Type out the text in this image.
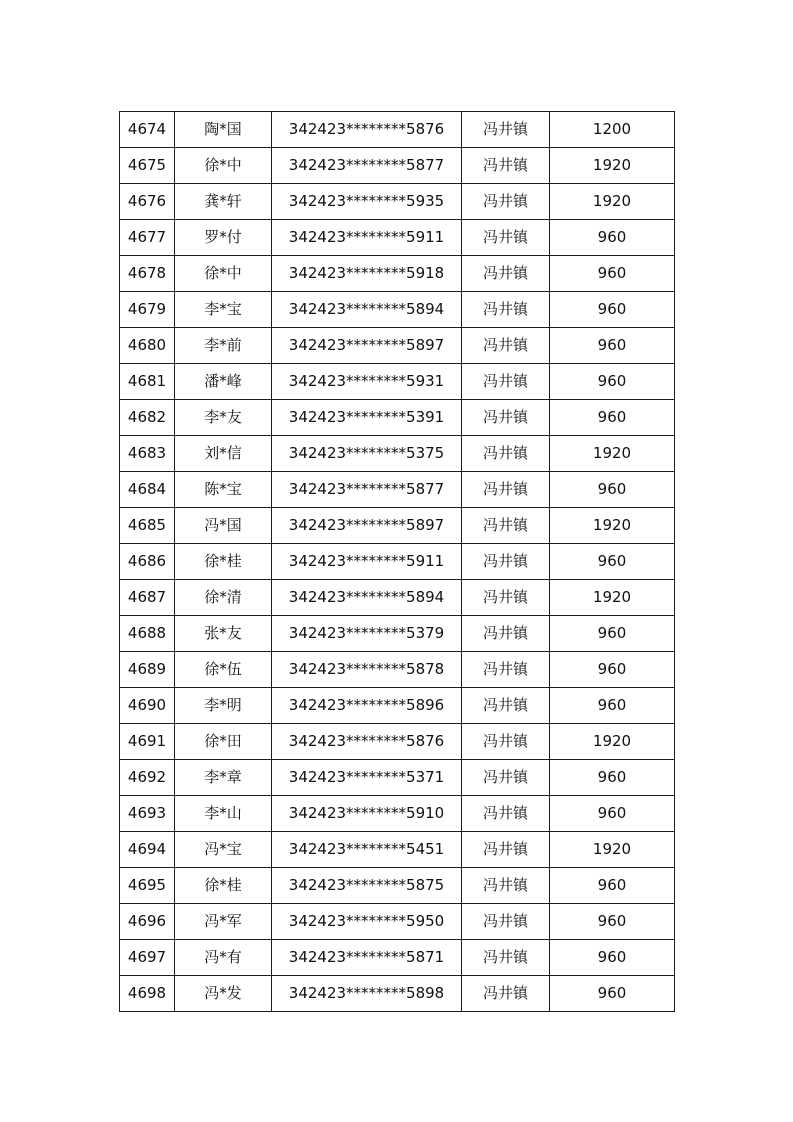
4674	陶*国	342423********5876	冯井镇	1200
4675	徐*中	342423********5877	冯井镇	1920
4676	龚*轩	342423********5935	冯井镇	1920
4677	罗*付	342423********5911	冯井镇	960
4678	徐*中	342423********5918	冯井镇	960
4679	李*宝	342423********5894	冯井镇	960
4680	李*前	342423********5897	冯井镇	960
4681	潘*峰	342423********5931	冯井镇	960
4682	李*友	342423********5391	冯井镇	960
4683	刘*信	342423********5375	冯井镇	1920
4684	陈*宝	342423********5877	冯井镇	960
4685	冯*国	342423********5897	冯井镇	1920
4686	徐*桂	342423********5911	冯井镇	960
4687	徐*清	342423********5894	冯井镇	1920
4688	张*友	342423********5379	冯井镇	960
4689	徐*伍	342423********5878	冯井镇	960
4690	李*明	342423********5896	冯井镇	960
4691	徐*田	342423********5876	冯井镇	1920
4692	李*章	342423********5371	冯井镇	960
4693	李*山	342423********5910	冯井镇	960
4694	冯*宝	342423********5451	冯井镇	1920
4695	徐*桂	342423********5875	冯井镇	960
4696	冯*军	342423********5950	冯井镇	960
4697	冯*有	342423********5871	冯井镇	960
4698	冯*发	342423********5898	冯井镇	960
